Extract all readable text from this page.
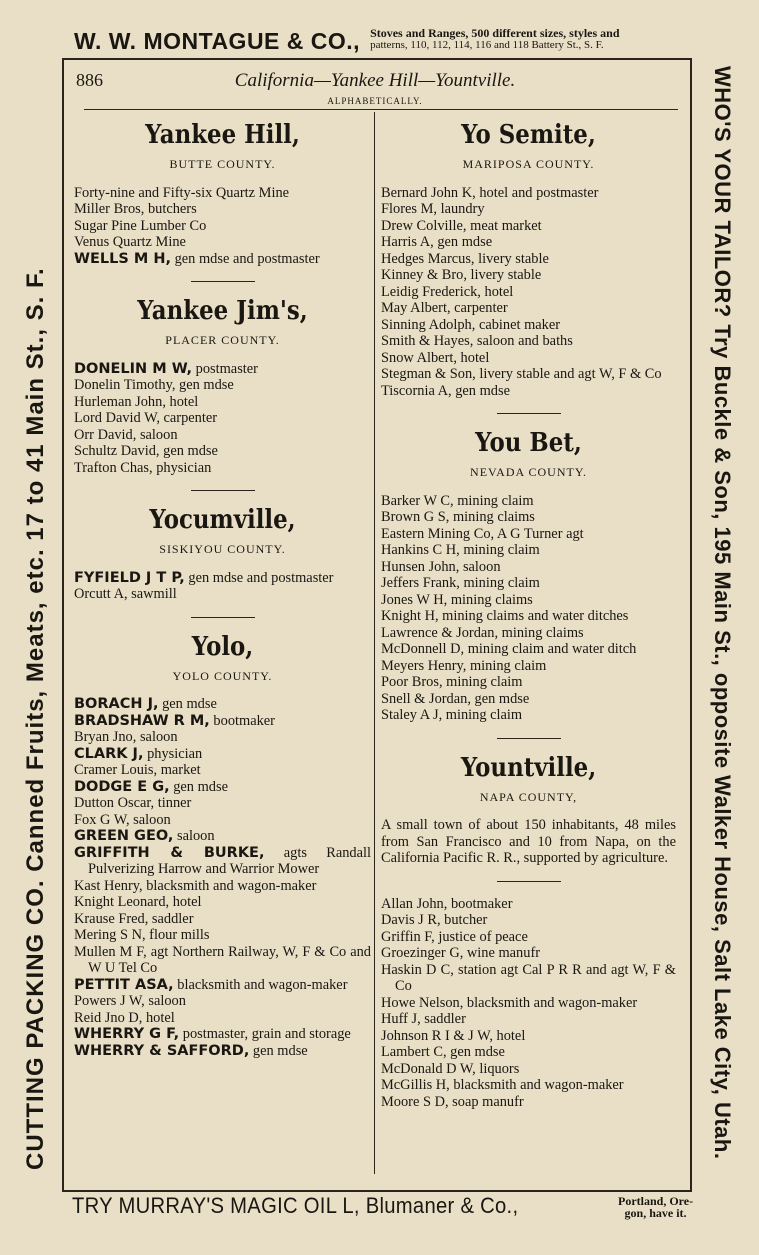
W. W. MONTAGUE & CO., Stoves and Ranges, 500 different sizes, styles and
patterns, 110, 112, 114, 116 and 118 Battery St., S. F.
CUTTING PACKING CO. Canned Fruits, Meats, etc. 17 to 41 Main St., S. F.	WHO'S YOUR TAILOR? Try Buckle & Son, 195 Main St., opposite Walker House, Salt Lake City, Utah.
886	California—Yankee Hill—Yountville.
ALPHABETICALLY.
Yankee Hill,
BUTTE COUNTY.

Forty-nine and Fifty-six Quartz Mine

Miller Bros, butchers

Sugar Pine Lumber Co

Venus Quartz Mine

WELLS M H, gen mdse and postmaster

Yankee Jim's,
PLACER COUNTY.

DONELIN M W, postmaster

Donelin Timothy, gen mdse

Hurleman John, hotel

Lord David W, carpenter

Orr David, saloon

Schultz David, gen mdse

Trafton Chas, physician

Yocumville,
SISKIYOU COUNTY.

FYFIELD J T P, gen mdse and postmaster

Orcutt A, sawmill

Yolo,
YOLO COUNTY.

BORACH J, gen mdse

BRADSHAW R M, bootmaker

Bryan Jno, saloon

CLARK J, physician

Cramer Louis, market

DODGE E G, gen mdse

Dutton Oscar, tinner

Fox G W, saloon

GREEN GEO, saloon

GRIFFITH & BURKE, agts Randall Pulverizing Harrow and Warrior Mower

Kast Henry, blacksmith and wagon-maker

Knight Leonard, hotel

Krause Fred, saddler

Mering S N, flour mills

Mullen M F, agt Northern Railway, W, F & Co and W U Tel Co

PETTIT ASA, blacksmith and wagon-maker

Powers J W, saloon

Reid Jno D, hotel

WHERRY G F, postmaster, grain and storage

WHERRY & SAFFORD, gen mdse

Yo Semite,
MARIPOSA COUNTY.

Bernard John K, hotel and postmaster

Flores M, laundry

Drew Colville, meat market

Harris A, gen mdse

Hedges Marcus, livery stable

Kinney & Bro, livery stable

Leidig Frederick, hotel

May Albert, carpenter

Sinning Adolph, cabinet maker

Smith & Hayes, saloon and baths

Snow Albert, hotel

Stegman & Son, livery stable and agt W, F & Co

Tiscornia A, gen mdse

You Bet,
NEVADA COUNTY.

Barker W C, mining claim

Brown G S, mining claims

Eastern Mining Co, A G Turner agt

Hankins C H, mining claim

Hunsen John, saloon

Jeffers Frank, mining claim

Jones W H, mining claims

Knight H, mining claims and water ditches

Lawrence & Jordan, mining claims

McDonnell D, mining claim and water ditch

Meyers Henry, mining claim

Poor Bros, mining claim

Snell & Jordan, gen mdse

Staley A J, mining claim

Yountville,
NAPA COUNTY,

A small town of about 150 inhabitants, 48 miles from San Francisco and 10 from Napa, on the California Pacific R. R., supported by agriculture.

Allan John, bootmaker

Davis J R, butcher

Griffin F, justice of peace

Groezinger G, wine manufr

Haskin D C, station agt Cal P R R and agt W, F & Co

Howe Nelson, blacksmith and wagon-maker

Huff J, saddler

Johnson R I & J W, hotel

Lambert C, gen mdse

McDonald D W, liquors

McGillis H, blacksmith and wagon-maker

Moore S D, soap manufr

TRY MURRAY'S MAGIC OIL L, Blumaner & Co.,	Portland, Ore-
gon, have it.
